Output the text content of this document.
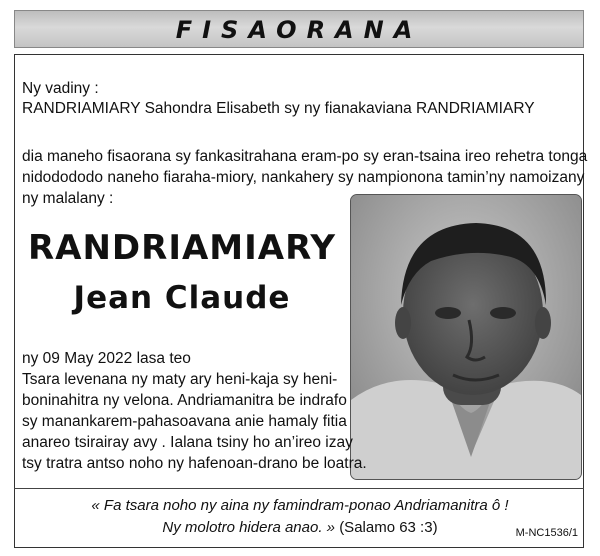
FISAORANA
Ny vadiny :
RANDRIAMIARY Sahondra Elisabeth sy ny fianakaviana RANDRIAMIARY
dia maneho fisaorana sy fankasitrahana eram-po sy eran-tsaina ireo rehetra tonga
nidodododo naneho fiaraha-miory, nankahery sy nampionona tamin’ny namoizany
ny malalany :
RANDRIAMIARY
Jean Claude
ny 09 May 2022 lasa teo
Tsara levenana ny maty ary heni-kaja sy heni-
boninahitra ny velona. Andriamanitra be indrafo
sy manankarem-pahasoavana anie hamaly fitia
anareo tsirairay avy . Ialana tsiny ho an’ireo izay
tsy tratra antso noho ny hafenoan-drano be loatra.
« Fa tsara noho ny aina ny famindram-ponao Andriamanitra ô !
Ny molotro hidera anao. » (Salamo 63 :3)	M-NC1536/1
